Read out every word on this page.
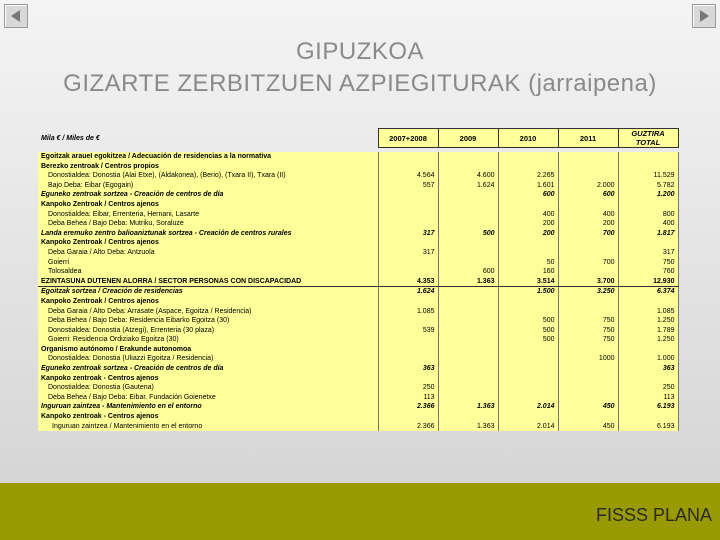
GIPUZKOA
GIZARTE ZERBITZUEN AZPIEGITURAK (jarraipena)
Mila € / Miles de €	2007+2008	2009	2010	2011	GUZTIRA TOTAL

Egoitzak araueI egokitzea / Adecuación de residencias a la normativa					
Berezko zentroak / Centros propios					
Donostialdea: Donostia (Alai Etxe), (Aldakonea), (Berio), (Txara II), Txara (II)	4.564	4.600	2.265		11.529
Bajo Deba: Eibar (Egogain)	557	1.624	1.601	2.000	5.782
Eguneko zentroak sortzea - Creación de centros de día			600	600	1.200
Kanpoko Zentroak / Centros ajenos					
Donostialdea: Eibar, Errenteria, Hernani, Lasarte			400	400	800
Deba Behea / Bajo Deba: Mutriku, Soraluze			200	200	400
Landa eremuko zentro balioaniztunak sortzea - Creación de centros rurales	317	500	200	700	1.817
Kanpoko Zentroak / Centros ajenos					
Deba Garaia / Alto Deba: Antzuola	317				317
Goierri			50	700	750
Tolosaldea		600	160		760
EZINTASUNA DUTENEN ALORRA / SECTOR PERSONAS CON DISCAPACIDAD	4.353	1.363	3.514	3.700	12.930
Egoitzak sortzea / Creación de residencias	1.624		1.500	3.250	6.374
Kanpoko Zentroak / Centros ajenos					
Deba Garaia / Alto Deba: Arrasate (Aspace, Egoitza / Residencia)	1.085				1.085
Deba Behea / Bajo Deba: Residencia Eibarko Egoitza (30)			500	750	1.250
Donostialdea: Donostia (Atzegi), Errenteria (30 plaza)	539		500	750	1.789
Goierri: Residencia Ordiziako Egoitza (30)			500	750	1.250
Organismo autónomo / Erakunde autonomoa					
Donostialdea: Donostia (Uliazzi Egoitza / Residencia)				1000	1.000
Eguneko zentroak sortzea - Creación de centros de día	363				363
Kanpoko zentroak - Centros ajenos					
Donostialdea: Donostia (Gautena)	250				250
Deba Behea / Bajo Deba: Eibar. Fundación Goienetxe	113				113
Inguruan zaintzea - Mantenimiento en el entorno	2.366	1.363	2.014	450	6.193
Kanpoko zentroak - Centros ajenos					
Inguruan zaintzea / Mantenimiento en el entorno	2.366	1.363	2.014	450	6.193
FISSS PLANA
